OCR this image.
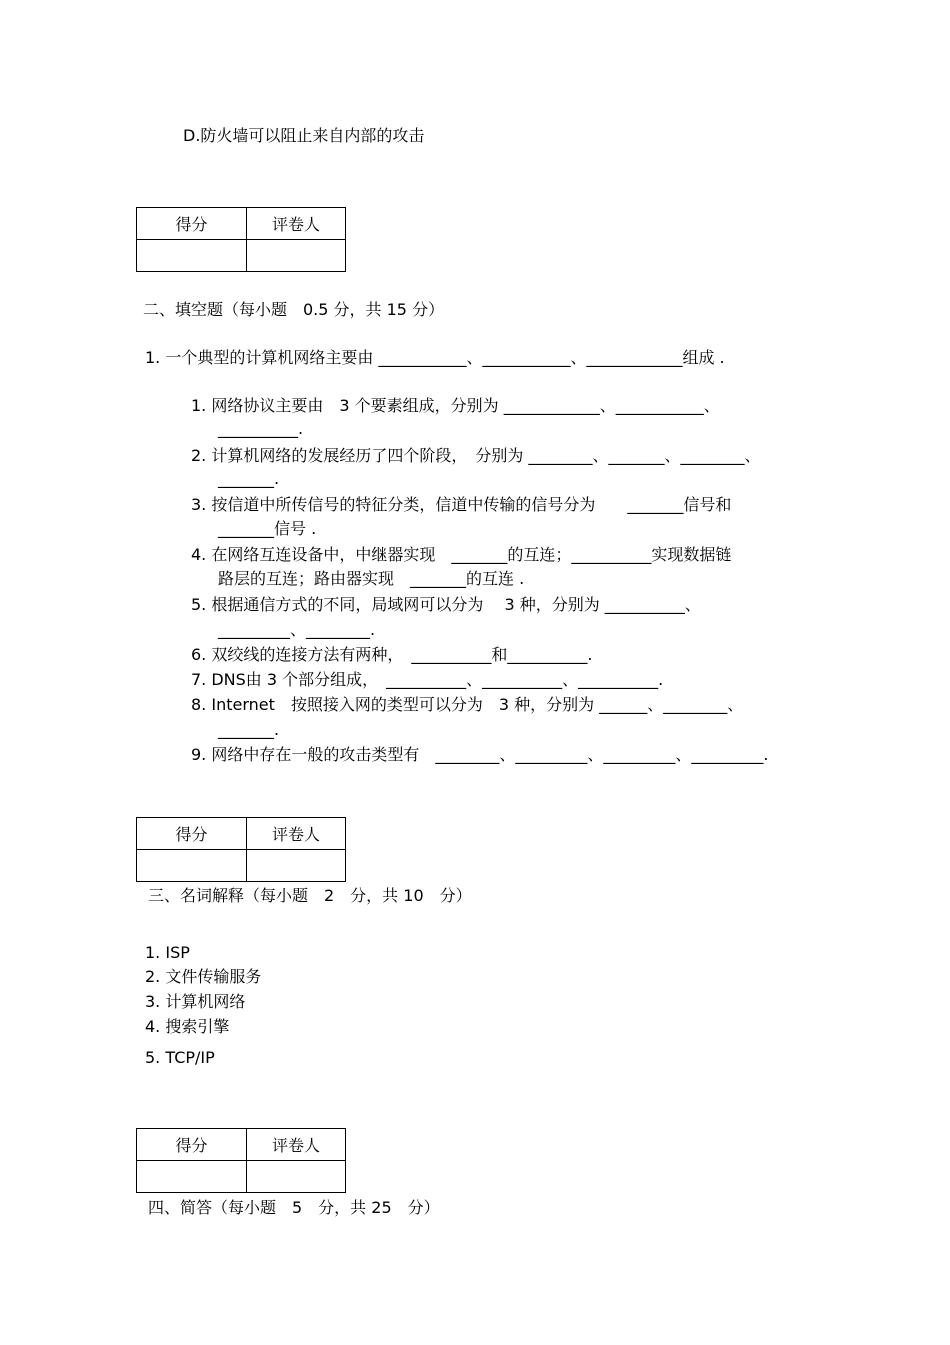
D.防火墙可以阻止来自内部的攻击
得分	评卷人

二、填空题（每小题　0.5 分，共 15 分）
1. 一个典型的计算机网络主要由 ___________、___________、____________组成 .
1. 网络协议主要由　3 个要素组成，分别为 ____________、___________、
__________.
2. 计算机网络的发展经历了四个阶段，　分别为 ________、_______、________、
_______.
3. 按信道中所传信号的特征分类，信道中传输的信号分为　　_______信号和
_______信号 .
4. 在网络互连设备中，中继器实现　_______的互连；__________实现数据链
路层的互连；路由器实现　_______的互连 .
5. 根据通信方式的不同，局域网可以分为　 3 种，分别为 __________、
_________、________.
6. 双绞线的连接方法有两种，　__________和__________.
7. DNS由 3 个部分组成，　__________、__________、__________.
8. Internet　按照接入网的类型可以分为　3 种，分别为 ______、________、
_______.
9. 网络中存在一般的攻击类型有　________、_________、_________、_________.
得分	评卷人

三、名词解释（每小题　2　分，共 10　分）
1. ISP
2. 文件传输服务
3. 计算机网络
4. 搜索引擎
5. TCP/IP
得分	评卷人

四、简答（每小题　5　分，共 25　分）
